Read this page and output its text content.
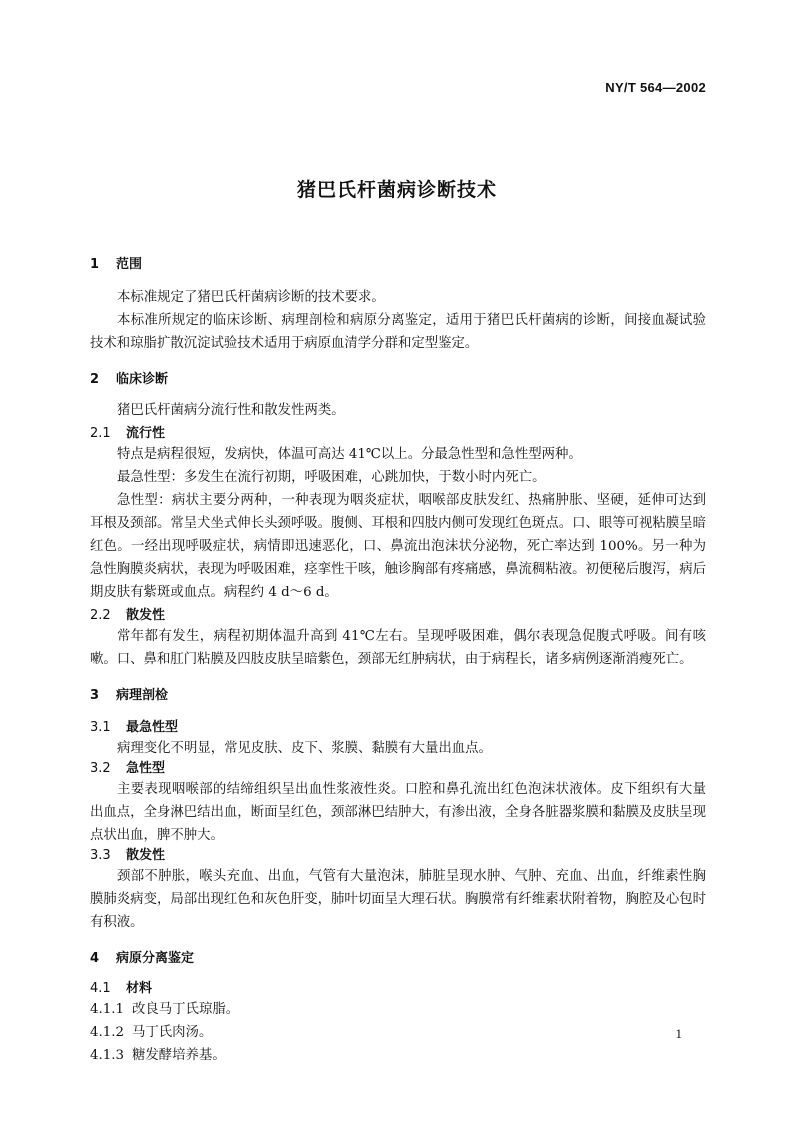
NY/T 564—2002
猪巴氏杆菌病诊断技术
1 范围

本标准规定了猪巴氏杆菌病诊断的技术要求。

本标准所规定的临床诊断、病理剖检和病原分离鉴定，适用于猪巴氏杆菌病的诊断，间接血凝试验技术和琼脂扩散沉淀试验技术适用于病原血清学分群和定型鉴定。

2 临床诊断

猪巴氏杆菌病分流行性和散发性两类。

2.1 流行性

特点是病程很短，发病快，体温可高达 41℃以上。分最急性型和急性型两种。

最急性型：多发生在流行初期，呼吸困难，心跳加快，于数小时内死亡。

急性型：病状主要分两种，一种表现为咽炎症状，咽喉部皮肤发红、热痛肿胀、坚硬，延伸可达到耳根及颈部。常呈犬坐式伸长头颈呼吸。腹侧、耳根和四肢内侧可发现红色斑点。口、眼等可视粘膜呈暗红色。一经出现呼吸症状，病情即迅速恶化，口、鼻流出泡沫状分泌物，死亡率达到 100%。另一种为急性胸膜炎病状，表现为呼吸困难，痉挛性干咳，触诊胸部有疼痛感，鼻流稠粘液。初便秘后腹泻，病后期皮肤有紫斑或血点。病程约 4 d～6 d。

2.2 散发性

常年都有发生，病程初期体温升高到 41℃左右。呈现呼吸困难，偶尔表现急促腹式呼吸。间有咳嗽。口、鼻和肛门粘膜及四肢皮肤呈暗紫色，颈部无红肿病状，由于病程长，诸多病例逐渐消瘦死亡。

3 病理剖检
3.1 最急性型

病理变化不明显，常见皮肤、皮下、浆膜、黏膜有大量出血点。

3.2 急性型

主要表现咽喉部的结缔组织呈出血性浆液性炎。口腔和鼻孔流出红色泡沫状液体。皮下组织有大量出血点，全身淋巴结出血，断面呈红色，颈部淋巴结肿大，有渗出液，全身各脏器浆膜和黏膜及皮肤呈现点状出血，脾不肿大。

3.3 散发性

颈部不肿胀，喉头充血、出血，气管有大量泡沫，肺脏呈现水肿、气肿、充血、出血，纤维素性胸膜肺炎病变，局部出现红色和灰色肝变，肺叶切面呈大理石状。胸膜常有纤维素状附着物，胸腔及心包时有积液。

4 病原分离鉴定
4.1 材料
4.1.1 改良马丁氏琼脂。
4.1.2 马丁氏肉汤。
4.1.3 糖发酵培养基。
1
